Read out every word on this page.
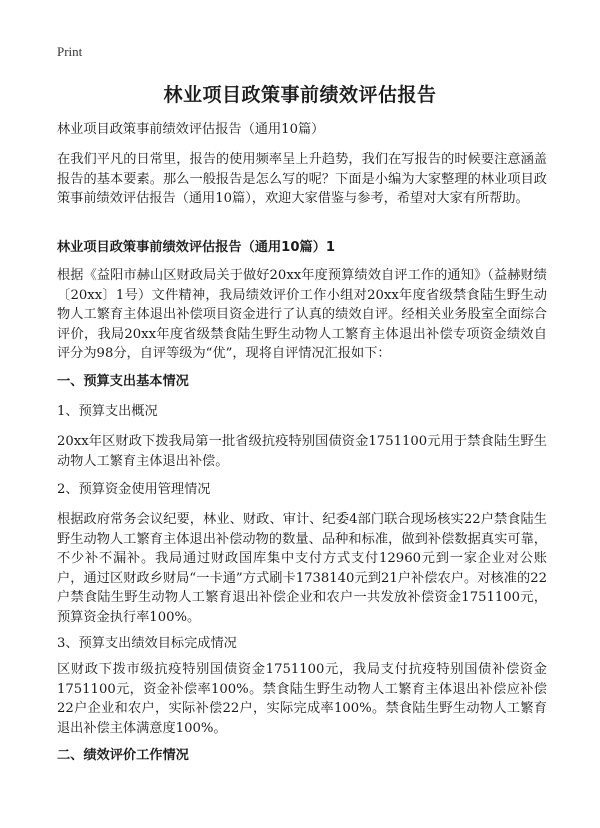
Print
林业项目政策事前绩效评估报告

林业项目政策事前绩效评估报告（通用10篇）

在我们平凡的日常里，报告的使用频率呈上升趋势，我们在写报告的时候要注意涵盖报告的基本要素。那么一般报告是怎么写的呢？下面是小编为大家整理的林业项目政策事前绩效评估报告（通用10篇），欢迎大家借鉴与参考，希望对大家有所帮助。

林业项目政策事前绩效评估报告（通用10篇）1

根据《益阳市赫山区财政局关于做好20xx年度预算绩效自评工作的通知》（益赫财绩〔20xx〕1号）文件精神，我局绩效评价工作小组对20xx年度省级禁食陆生野生动物人工繁育主体退出补偿项目资金进行了认真的绩效自评。经相关业务股室全面综合评价，我局20xx年度省级禁食陆生野生动物人工繁育主体退出补偿专项资金绩效自评分为98分，自评等级为“优”，现将自评情况汇报如下：

一、预算支出基本情况

1、预算支出概况

20xx年区财政下拨我局第一批省级抗疫特别国债资金1751100元用于禁食陆生野生动物人工繁育主体退出补偿。

2、预算资金使用管理情况

根据政府常务会议纪要，林业、财政、审计、纪委4部门联合现场核实22户禁食陆生野生动物人工繁育主体退出补偿动物的数量、品种和标准，做到补偿数据真实可靠，不少补不漏补。我局通过财政国库集中支付方式支付12960元到一家企业对公账户，通过区财政乡财局“一卡通”方式刷卡1738140元到21户补偿农户。对核准的22户禁食陆生野生动物人工繁育退出补偿企业和农户一共发放补偿资金1751100元，预算资金执行率100%。

3、预算支出绩效目标完成情况

区财政下拨市级抗疫特别国债资金1751100元，我局支付抗疫特别国债补偿资金1751100元，资金补偿率100%。禁食陆生野生动物人工繁育主体退出补偿应补偿22户企业和农户，实际补偿22户，实际完成率100%。禁食陆生野生动物人工繁育退出补偿主体满意度100%。

二、绩效评价工作情况
